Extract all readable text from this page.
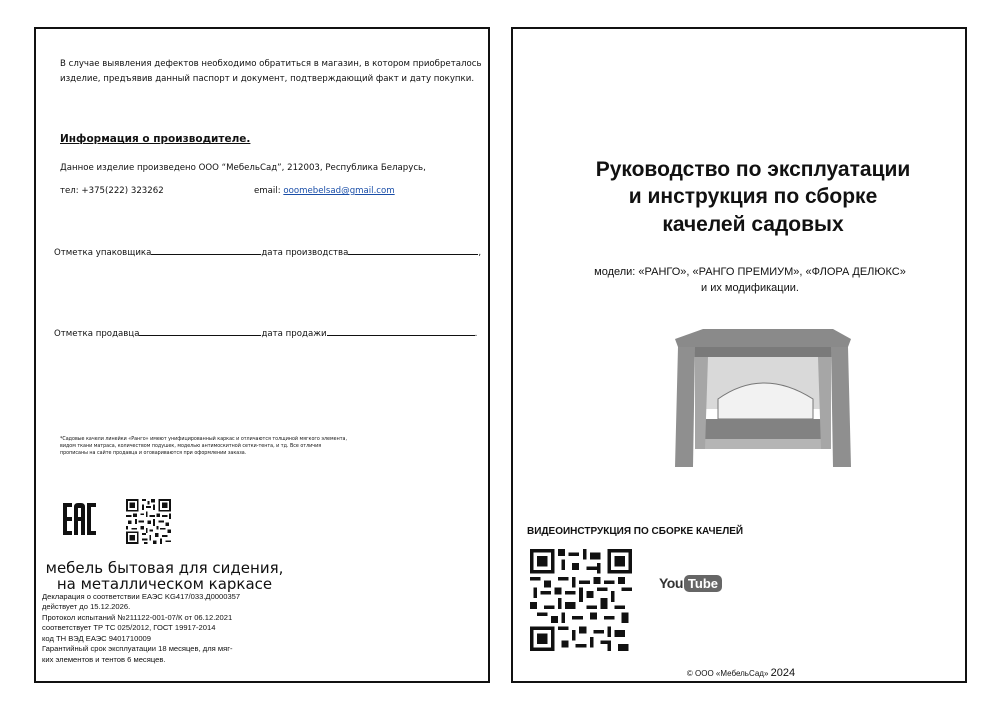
В случае выявления дефектов необходимо обратиться в магазин, в котором приобреталось
изделие, предъявив данный паспорт и документ, подтверждающий факт и дату покупки.
Информация о производителе.
Данное изделие произведено ООО “МебельСад”, 212003, Республика Беларусь,
тел: +375(222) 323262	email: ooomebelsad@gmail.com
Отметка упаковщика	дата производства	,
Отметка продавца	дата продажи	.
*Садовые качели линейки «Ранго» имеют унифицированный каркас и отличаются толщиной мягкого элемента, видом ткани матраса, количеством подушек, моделью антимоскитной сетки-тента, и тд. Все отличия прописаны на сайте продавца и оговариваются при оформлении заказа.
мебель бытовая для сидения,
на металлическом каркасе
Декларация о соответствии ЕАЭС KG417/033.Д0000357
действует до 15.12.2026.
Протокол испытаний №211122-001-07/К от 06.12.2021
соответствует ТР ТС 025/2012, ГОСТ 19917-2014
код ТН ВЭД ЕАЭС 9401710009
Гарантийный срок эксплуатации 18 месяцев, для мяг-
ких элементов и тентов 6 месяцев.
Руководство по эксплуатации
и инструкция по сборке
качелей садовых
модели: «РАНГО», «РАНГО ПРЕМИУМ», «ФЛОРА ДЕЛЮКС»
и их модификации.
ВИДЕОИНСТРУКЦИЯ ПО СБОРКЕ КАЧЕЛЕЙ
You Tube
© ООО «МебельСад» 2024
